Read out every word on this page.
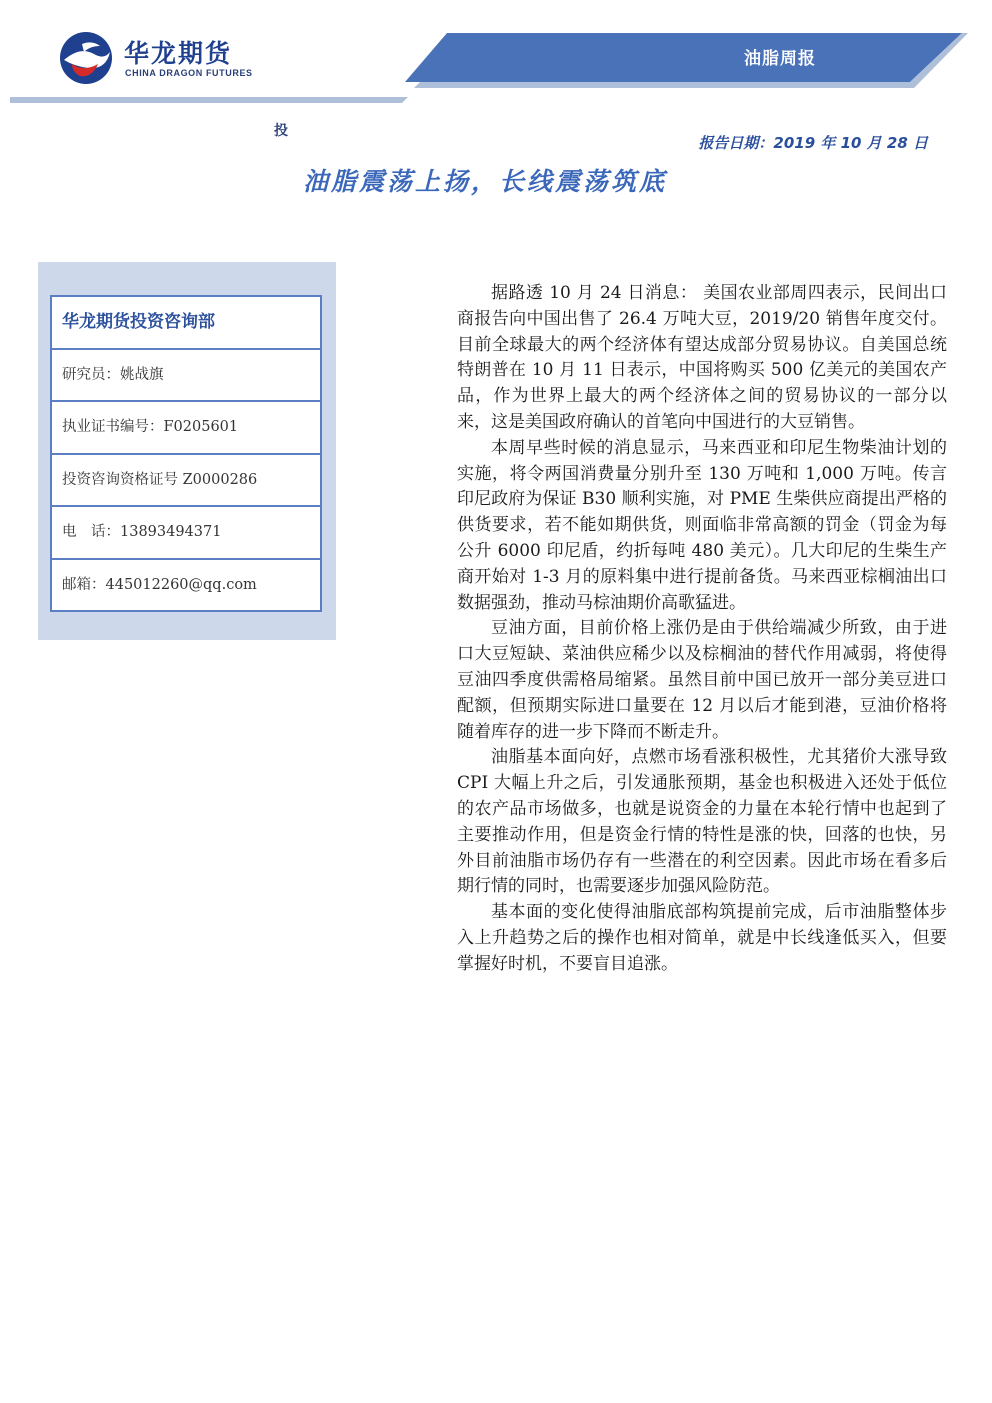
华龙期货
CHINA DRAGON FUTURES
油脂周报
投
报告日期：2019 年 10 月 28 日
油脂震荡上扬，长线震荡筑底
华龙期货投资咨询部
研究员：姚战旗
执业证书编号：F0205601
投资咨询资格证号 Z0000286
电　话：13893494371
邮箱：445012260@qq.com

据路透 10 月 24 日消息： 美国农业部周四表示，民间出口商报告向中国出售了 26.4 万吨大豆，2019/20 销售年度交付。目前全球最大的两个经济体有望达成部分贸易协议。自美国总统特朗普在 10 月 11 日表示，中国将购买 500 亿美元的美国农产品，作为世界上最大的两个经济体之间的贸易协议的一部分以来，这是美国政府确认的首笔向中国进行的大豆销售。

本周早些时候的消息显示，马来西亚和印尼生物柴油计划的实施，将令两国消费量分别升至 130 万吨和 1,000 万吨。传言印尼政府为保证 B30 顺利实施，对 PME 生柴供应商提出严格的供货要求，若不能如期供货，则面临非常高额的罚金（罚金为每公升 6000 印尼盾，约折每吨 480 美元）。几大印尼的生柴生产商开始对 1-3 月的原料集中进行提前备货。马来西亚棕榈油出口数据强劲，推动马棕油期价高歌猛进。

豆油方面，目前价格上涨仍是由于供给端减少所致，由于进口大豆短缺、菜油供应稀少以及棕榈油的替代作用减弱，将使得豆油四季度供需格局缩紧。虽然目前中国已放开一部分美豆进口配额，但预期实际进口量要在 12 月以后才能到港，豆油价格将随着库存的进一步下降而不断走升。

油脂基本面向好，点燃市场看涨积极性，尤其猪价大涨导致 CPI 大幅上升之后，引发通胀预期，基金也积极进入还处于低位的农产品市场做多，也就是说资金的力量在本轮行情中也起到了主要推动作用，但是资金行情的特性是涨的快，回落的也快，另外目前油脂市场仍存有一些潜在的利空因素。因此市场在看多后期行情的同时，也需要逐步加强风险防范。

基本面的变化使得油脂底部构筑提前完成，后市油脂整体步入上升趋势之后的操作也相对简单，就是中长线逢低买入，但要掌握好时机，不要盲目追涨。
